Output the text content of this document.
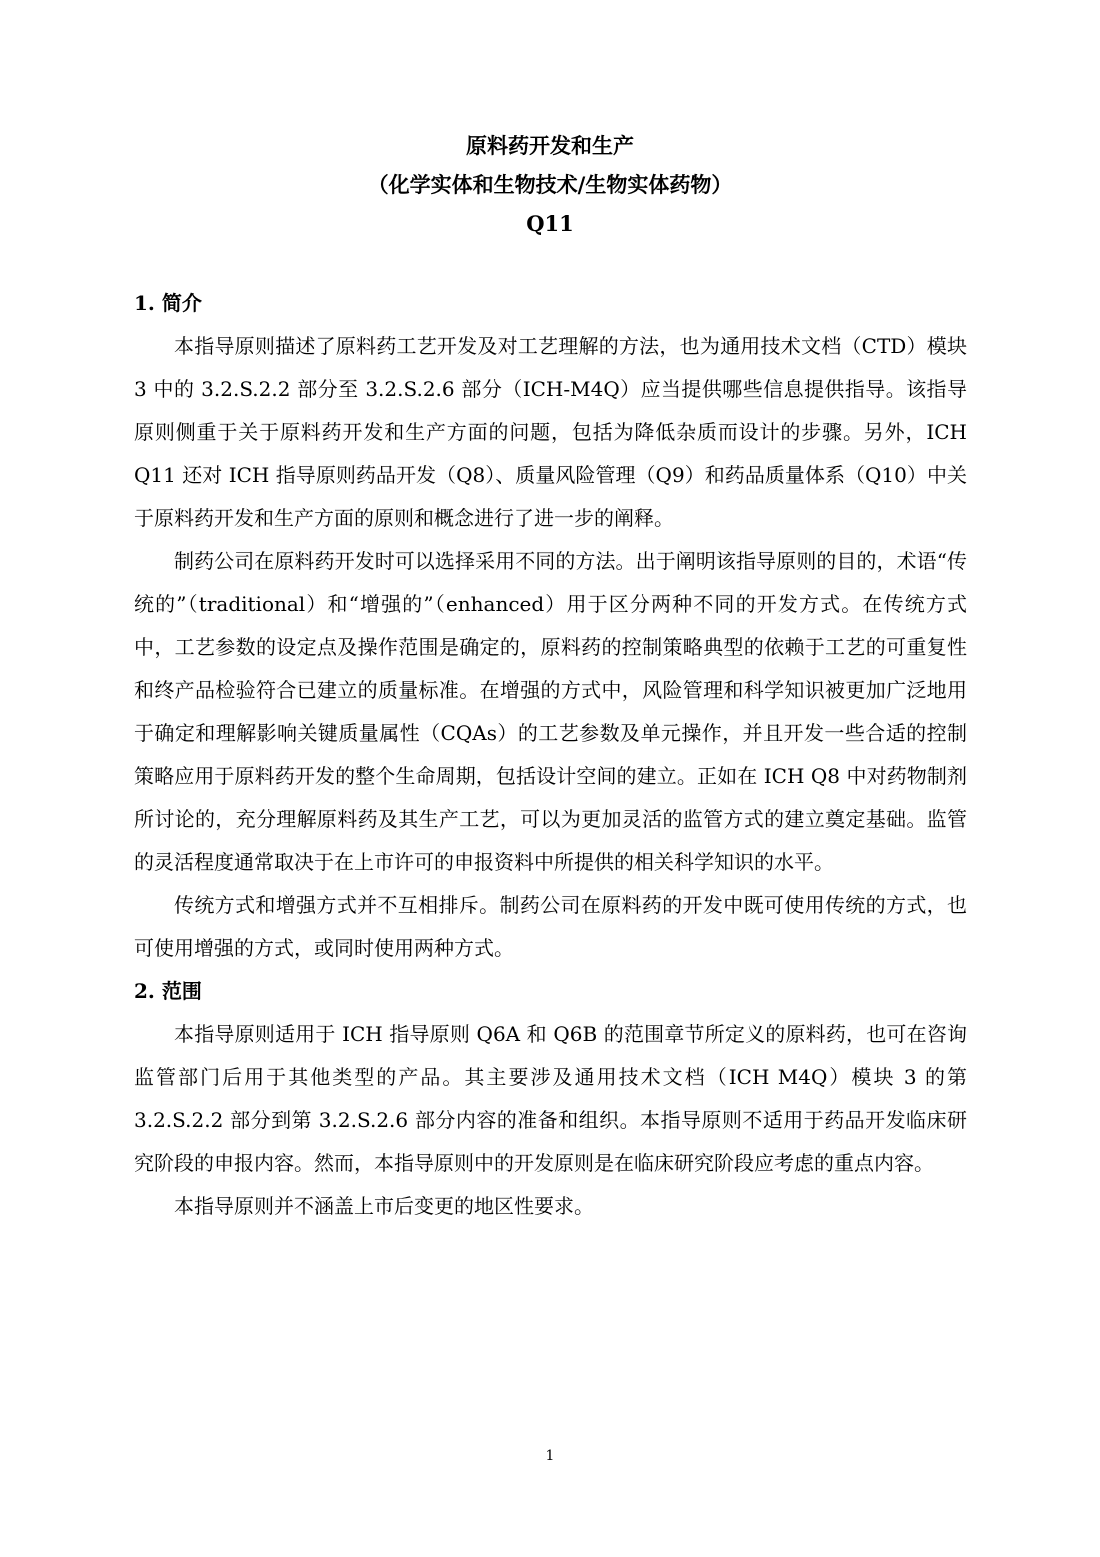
原料药开发和生产
（化学实体和生物技术/生物实体药物）
Q11
1. 简介

本指导原则描述了原料药工艺开发及对工艺理解的方法，也为通用技术文档（CTD）模块 3 中的 3.2.S.2.2 部分至 3.2.S.2.6 部分（ICH-M4Q）应当提供哪些信息提供指导。该指导原则侧重于关于原料药开发和生产方面的问题，包括为降低杂质而设计的步骤。另外，ICH Q11 还对 ICH 指导原则药品开发（Q8）、质量风险管理（Q9）和药品质量体系（Q10）中关于原料药开发和生产方面的原则和概念进行了进一步的阐释。

制药公司在原料药开发时可以选择采用不同的方法。出于阐明该指导原则的目的，术语“传统的”（traditional）和“增强的”（enhanced）用于区分两种不同的开发方式。在传统方式中，工艺参数的设定点及操作范围是确定的，原料药的控制策略典型的依赖于工艺的可重复性和终产品检验符合已建立的质量标准。在增强的方式中，风险管理和科学知识被更加广泛地用于确定和理解影响关键质量属性（CQAs）的工艺参数及单元操作，并且开发一些合适的控制策略应用于原料药开发的整个生命周期，包括设计空间的建立。正如在 ICH Q8 中对药物制剂所讨论的，充分理解原料药及其生产工艺，可以为更加灵活的监管方式的建立奠定基础。监管的灵活程度通常取决于在上市许可的申报资料中所提供的相关科学知识的水平。

传统方式和增强方式并不互相排斥。制药公司在原料药的开发中既可使用传统的方式，也可使用增强的方式，或同时使用两种方式。

2. 范围

本指导原则适用于 ICH 指导原则 Q6A 和 Q6B 的范围章节所定义的原料药，也可在咨询监管部门后用于其他类型的产品。其主要涉及通用技术文档（ICH M4Q）模块 3 的第 3.2.S.2.2 部分到第 3.2.S.2.6 部分内容的准备和组织。本指导原则不适用于药品开发临床研究阶段的申报内容。然而，本指导原则中的开发原则是在临床研究阶段应考虑的重点内容。

本指导原则并不涵盖上市后变更的地区性要求。

1
